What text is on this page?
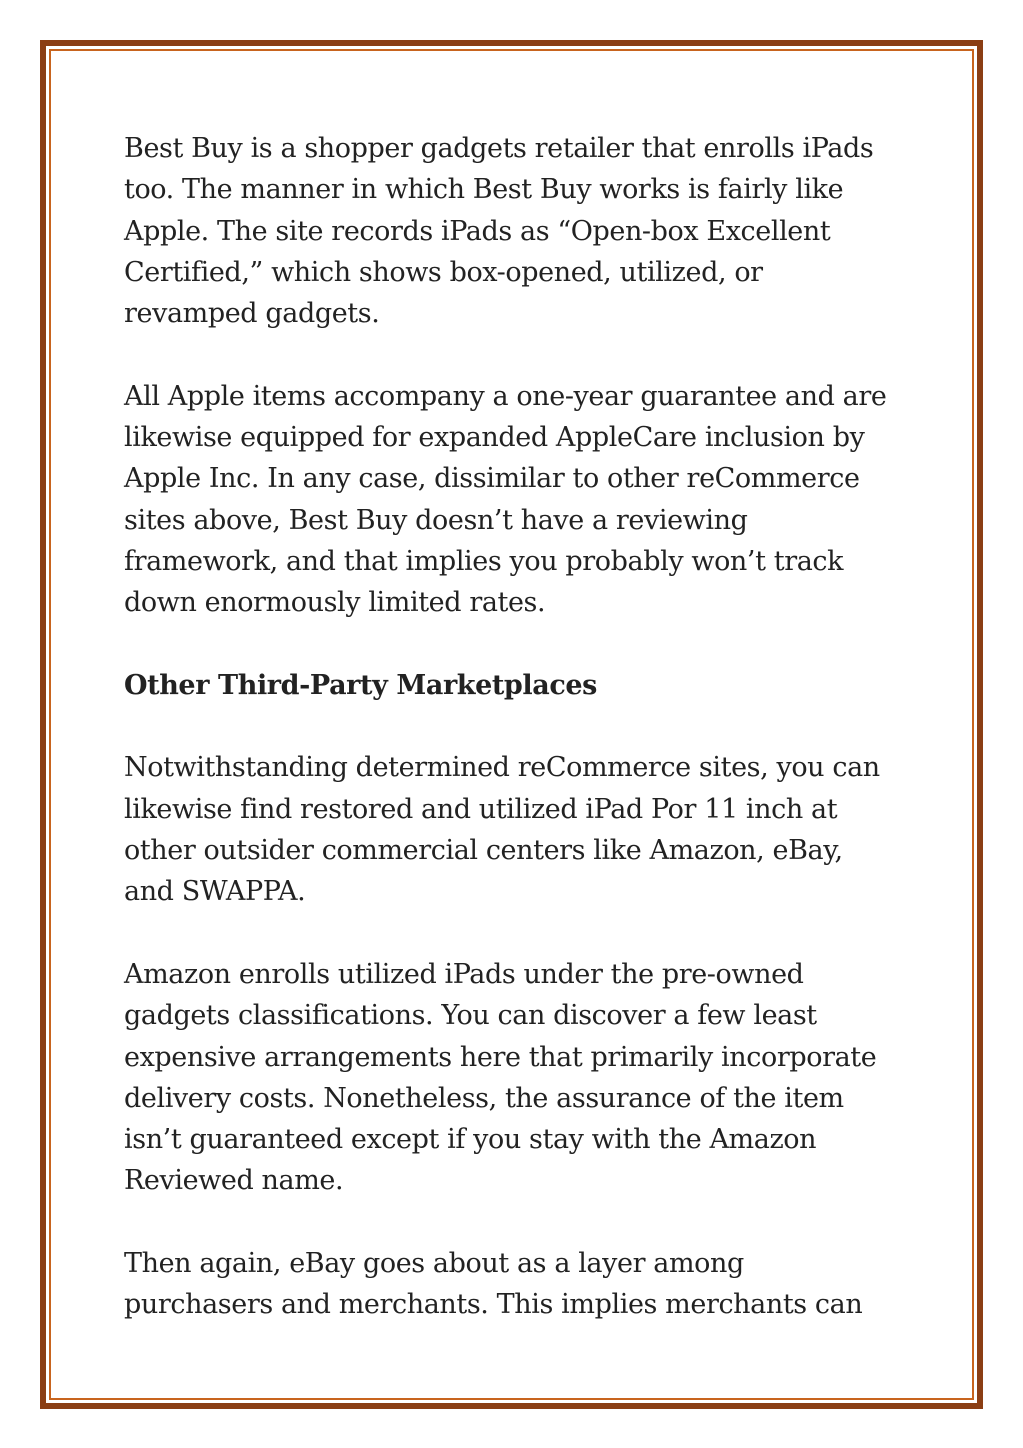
Best Buy is a shopper gadgets retailer that enrolls iPads
too. The manner in which Best Buy works is fairly like
Apple. The site records iPads as “Open-box Excellent
Certified,” which shows box-opened, utilized, or
revamped gadgets.

All Apple items accompany a one-year guarantee and are
likewise equipped for expanded AppleCare inclusion by
Apple Inc. In any case, dissimilar to other reCommerce
sites above, Best Buy doesn’t have a reviewing
framework, and that implies you probably won’t track
down enormously limited rates.

Other Third-Party Marketplaces

Notwithstanding determined reCommerce sites, you can
likewise find restored and utilized iPad Por 11 inch at
other outsider commercial centers like Amazon, eBay,
and SWAPPA.

Amazon enrolls utilized iPads under the pre-owned
gadgets classifications. You can discover a few least
expensive arrangements here that primarily incorporate
delivery costs. Nonetheless, the assurance of the item
isn’t guaranteed except if you stay with the Amazon
Reviewed name.

Then again, eBay goes about as a layer among
purchasers and merchants. This implies merchants can
